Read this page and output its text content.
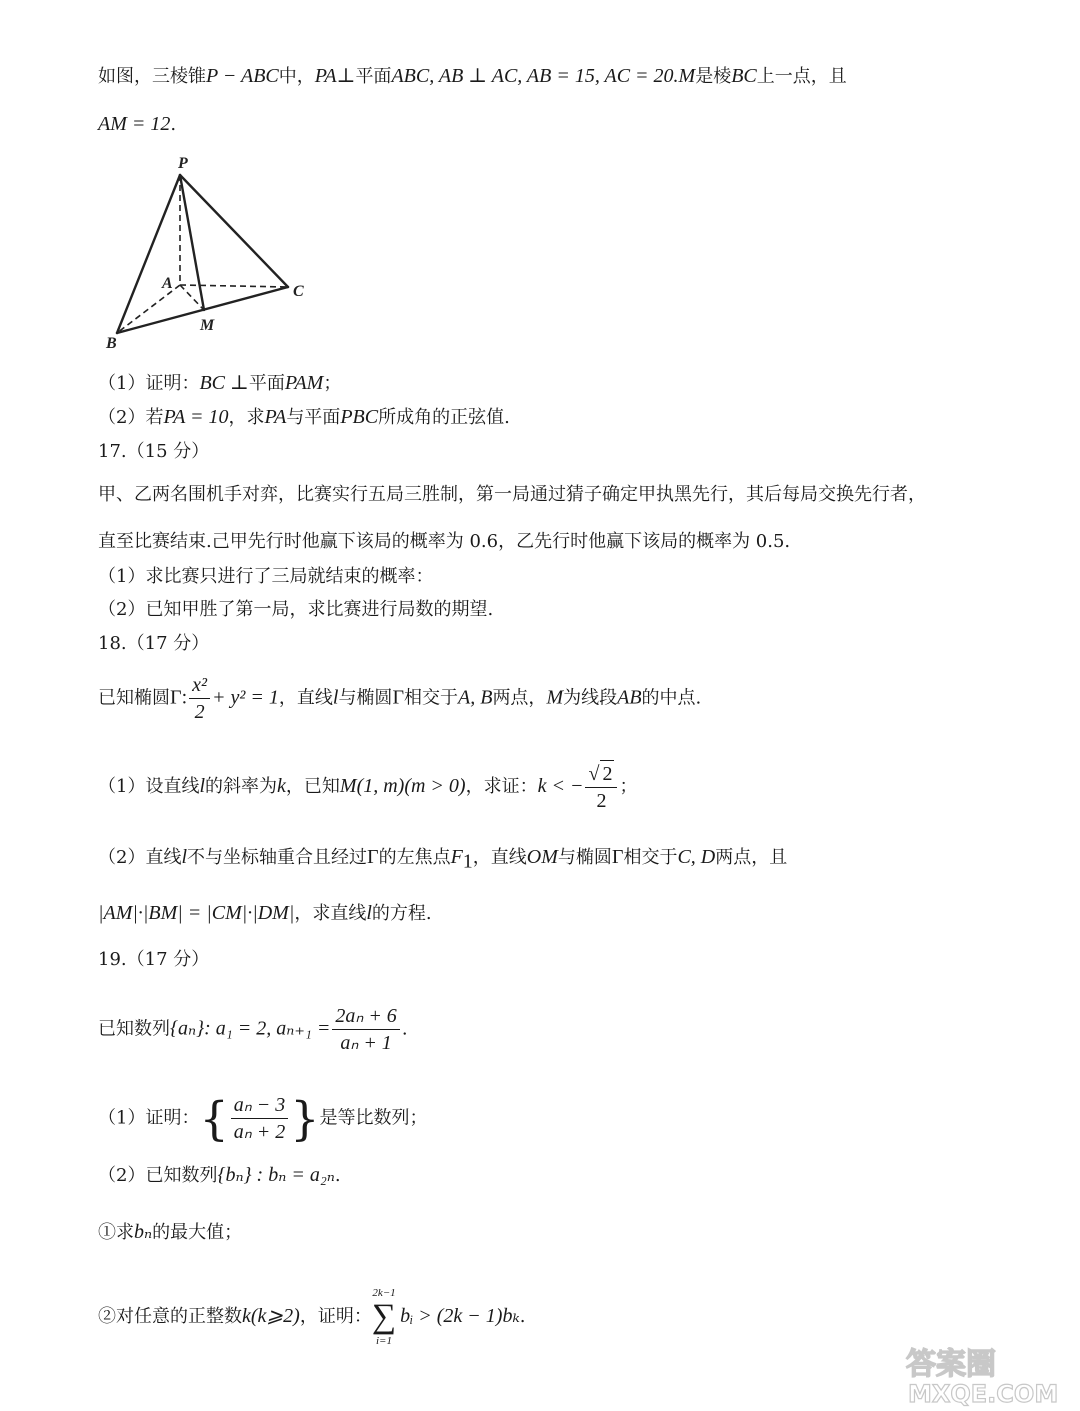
如图，三棱锥P − ABC中，PA⊥平面ABC, AB ⊥ AC, AB = 15, AC = 20.M是棱BC上一点，且
AM = 12.
P
A
B
C
M
（1）证明：BC ⊥平面PAM；
（2）若PA = 10，求PA与平面PBC所成角的正弦值.
17.（15 分）
甲、乙两名围机手对弈，比赛实行五局三胜制，第一局通过猜子确定甲执黑先行，其后每局交换先行者，
直至比赛结束.己甲先行时他赢下该局的概率为 0.6，乙先行时他赢下该局的概率为 0.5.
（1）求比赛只进行了三局就结束的概率：
（2）已知甲胜了第一局，求比赛进行局数的期望.
18.（17 分）
已知椭圆Γ: $\frac{\text{x²}}{2} + y^2 = 1$，直线l与椭圆Γ相交于A, B两点，M为线段AB的中点.
（1）设直线l的斜率为k，已知M(1, m)(m > 0)，求证：k < − $\frac{√ 2}{2}$ ；
（2）直线l不与坐标轴重合且经过Γ的左焦点$F_1$，直线OM与椭圆Γ相交于C, D两点，且
|AM|·|BM| = |CM|·|DM|，求直线l的方程.
19.（17 分）
已知数列{aₙ}: a₁ = 2, $a_{n+1} = \frac{\text{2aₙ + 6}}{\text{aₙ + 1}}$ .
（1）证明：{ $\frac{\text{aₙ − 3}}{\text{aₙ + 2}}$ }是等比数列；
（2）已知数列{bₙ} : bₙ = a₂ₙ.
①求bₙ的最大值；
②对任意的正整数k(k⩾2)，证明：
2k−1
∑
i=1
bᵢ > (2k − 1)bₖ.
答案圈
MXQE.COM
